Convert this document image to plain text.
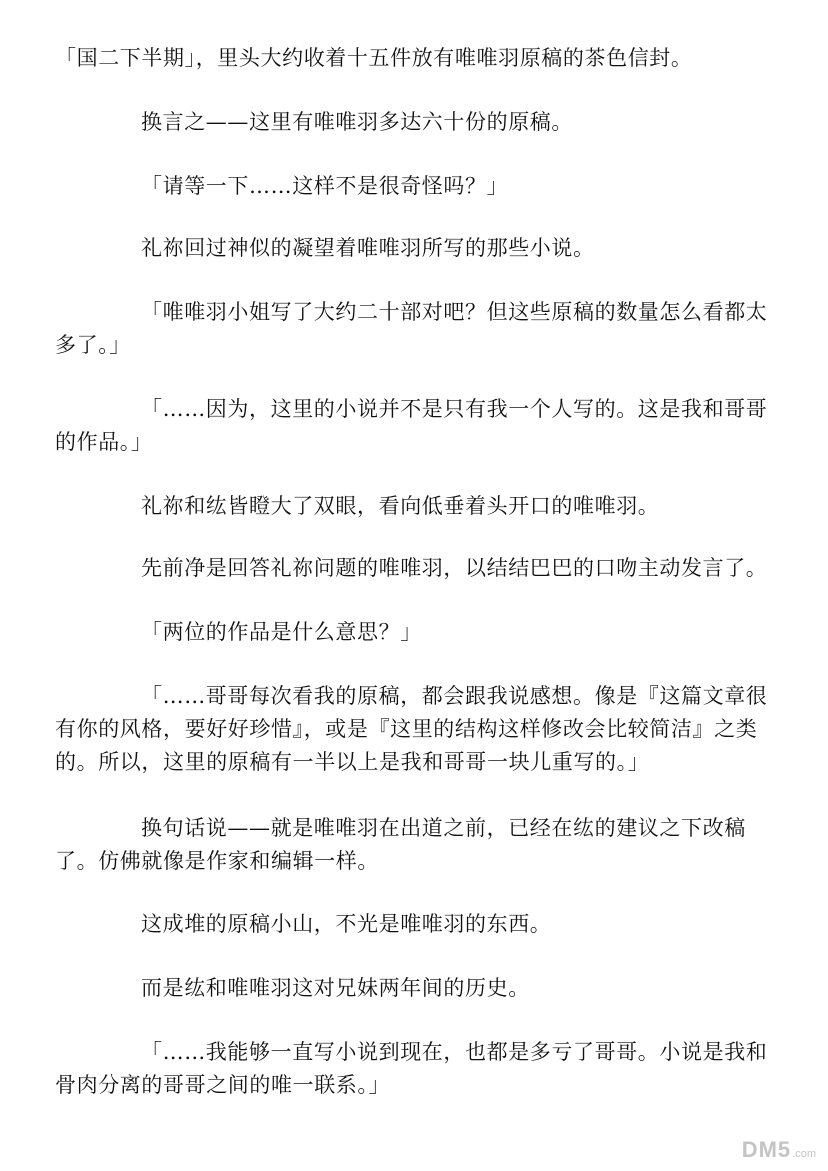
「国二下半期」，里头大约收着十五件放有唯唯羽原稿的茶色信封。

换言之——这里有唯唯羽多达六十份的原稿。

「请等一下……这样不是很奇怪吗？」

礼祢回过神似的凝望着唯唯羽所写的那些小说。

「唯唯羽小姐写了大约二十部对吧？但这些原稿的数量怎么看都太多了。」

「……因为，这里的小说并不是只有我一个人写的。这是我和哥哥的作品。」

礼祢和纮皆瞪大了双眼，看向低垂着头开口的唯唯羽。

先前净是回答礼祢问题的唯唯羽，以结结巴巴的口吻主动发言了。

「两位的作品是什么意思？」

「……哥哥每次看我的原稿，都会跟我说感想。像是『这篇文章很有你的风格，要好好珍惜』，或是『这里的结构这样修改会比较简洁』之类的。所以，这里的原稿有一半以上是我和哥哥一块儿重写的。」

换句话说——就是唯唯羽在出道之前，已经在纮的建议之下改稿了。仿佛就像是作家和编辑一样。

这成堆的原稿小山，不光是唯唯羽的东西。

而是纮和唯唯羽这对兄妹两年间的历史。

「……我能够一直写小说到现在，也都是多亏了哥哥。小说是我和骨肉分离的哥哥之间的唯一联系。」

DM5 .com
